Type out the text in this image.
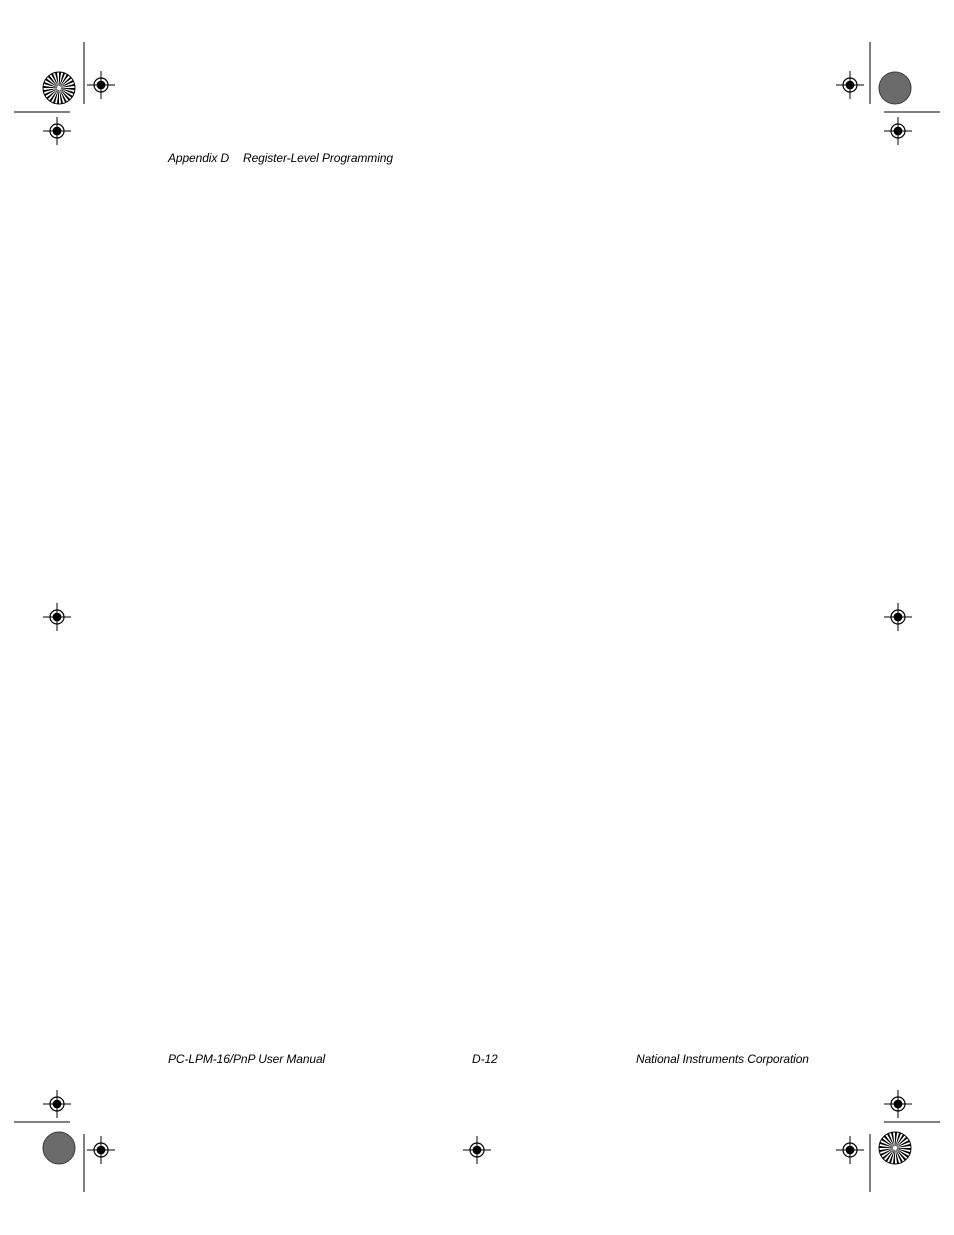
Appendix D Register-Level Programming
PC-LPM-16/PnP User Manual	D-12	National Instruments Corporation
